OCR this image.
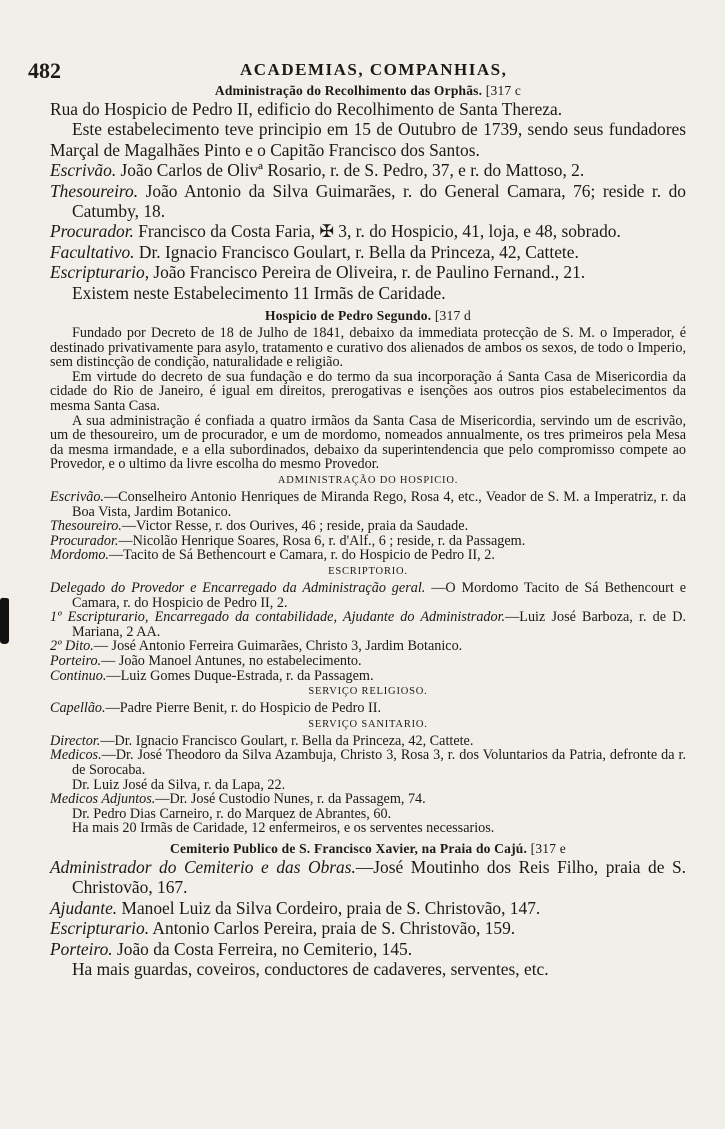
482	ACADEMIAS, COMPANHIAS,
Administração do Recolhimento das Orphãs. [317 c

Rua do Hospicio de Pedro II, edificio do Recolhimento de Santa Thereza.

Este estabelecimento teve principio em 15 de Outubro de 1739, sendo seus fundadores Marçal de Magalhães Pinto e o Capitão Francisco dos Santos.

Escrivão. João Carlos de Olivª Rosario, r. de S. Pedro, 37, e r. do Mattoso, 2.

Thesoureiro. João Antonio da Silva Guimarães, r. do General Camara, 76; reside r. do Catumby, 18.

Procurador. Francisco da Costa Faria, ✠ 3, r. do Hospicio, 41, loja, e 48, sobrado.

Facultativo. Dr. Ignacio Francisco Goulart, r. Bella da Princeza, 42, Cattete.

Escripturario, João Francisco Pereira de Oliveira, r. de Paulino Fernand., 21.

Existem neste Estabelecimento 11 Irmãs de Caridade.

Hospicio de Pedro Segundo. [317 d

Fundado por Decreto de 18 de Julho de 1841, debaixo da immediata protecção de S. M. o Imperador, é destinado privativamente para asylo, tratamento e curativo dos alienados de ambos os sexos, de todo o Imperio, sem distincção de condição, naturalidade e religião.

Em virtude do decreto de sua fundação e do termo da sua incorporação á Santa Casa de Misericordia da cidade do Rio de Janeiro, é igual em direitos, prerogativas e isenções aos outros pios estabelecimentos da mesma Santa Casa.

A sua administração é confiada a quatro irmãos da Santa Casa de Misericordia, servindo um de escrivão, um de thesoureiro, um de procurador, e um de mordomo, nomeados annualmente, os tres primeiros pela Mesa da mesma irmandade, e a ella subordinados, debaixo da superintendencia que pelo compromisso compete ao Provedor, e o ultimo da livre escolha do mesmo Provedor.

ADMINISTRAÇÃO DO HOSPICIO.

Escrivão.—Conselheiro Antonio Henriques de Miranda Rego, Rosa 4, etc., Veador de S. M. a Imperatriz, r. da Boa Vista, Jardim Botanico.

Thesoureiro.—Victor Resse, r. dos Ourives, 46 ; reside, praia da Saudade.

Procurador.—Nicolão Henrique Soares, Rosa 6, r. d'Alf., 6 ; reside, r. da Passagem.

Mordomo.—Tacito de Sá Bethencourt e Camara, r. do Hospicio de Pedro II, 2.

ESCRIPTORIO.

Delegado do Provedor e Encarregado da Administração geral. —O Mordomo Tacito de Sá Bethencourt e Camara, r. do Hospicio de Pedro II, 2.

1º Escripturario, Encarregado da contabilidade, Ajudante do Administrador.—Luiz José Barboza, r. de D. Mariana, 2 AA.

2º Dito.— José Antonio Ferreira Guimarães, Christo 3, Jardim Botanico.

Porteiro.— João Manoel Antunes, no estabelecimento.

Continuo.—Luiz Gomes Duque-Estrada, r. da Passagem.

SERVIÇO RELIGIOSO.

Capellão.—Padre Pierre Benit, r. do Hospicio de Pedro II.

SERVIÇO SANITARIO.

Director.—Dr. Ignacio Francisco Goulart, r. Bella da Princeza, 42, Cattete.

Medicos.—Dr. José Theodoro da Silva Azambuja, Christo 3, Rosa 3, r. dos Voluntarios da Patria, defronte da r. de Sorocaba.

Dr. Luiz José da Silva, r. da Lapa, 22.

Medicos Adjuntos.—Dr. José Custodio Nunes, r. da Passagem, 74.

Dr. Pedro Dias Carneiro, r. do Marquez de Abrantes, 60.

Ha mais 20 Irmãs de Caridade, 12 enfermeiros, e os serventes necessarios.

Cemiterio Publico de S. Francisco Xavier, na Praia do Cajú. [317 e

Administrador do Cemiterio e das Obras.—José Moutinho dos Reis Filho, praia de S. Christovão, 167.

Ajudante. Manoel Luiz da Silva Cordeiro, praia de S. Christovão, 147.

Escripturario. Antonio Carlos Pereira, praia de S. Christovão, 159.

Porteiro. João da Costa Ferreira, no Cemiterio, 145.

Ha mais guardas, coveiros, conductores de cadaveres, serventes, etc.
